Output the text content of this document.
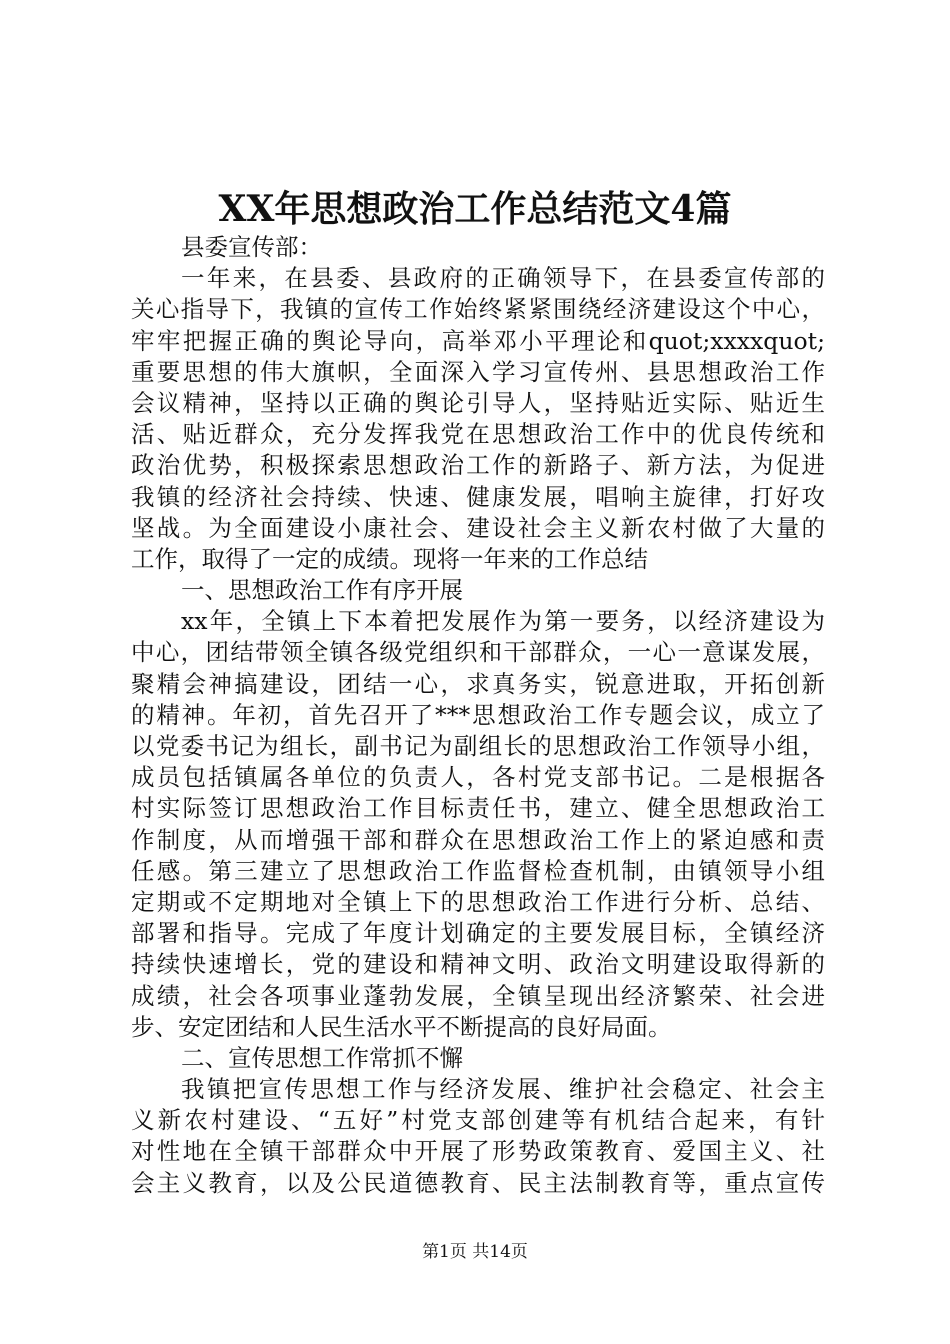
XX年思想政治工作总结范文4篇
县委宣传部：
一年来，在县委、县政府的正确领导下，在县委宣传部的
关心指导下，我镇的宣传工作始终紧紧围绕经济建设这个中心，
牢牢把握正确的舆论导向，高举邓小平理论和quot;xxxxquot;
重要思想的伟大旗帜，全面深入学习宣传州、县思想政治工作
会议精神，坚持以正确的舆论引导人，坚持贴近实际、贴近生
活、贴近群众，充分发挥我党在思想政治工作中的优良传统和
政治优势，积极探索思想政治工作的新路子、新方法，为促进
我镇的经济社会持续、快速、健康发展，唱响主旋律，打好攻
坚战。为全面建设小康社会、建设社会主义新农村做了大量的
工作，取得了一定的成绩。现将一年来的工作总结
一、思想政治工作有序开展
xx年，全镇上下本着把发展作为第一要务，以经济建设为
中心，团结带领全镇各级党组织和干部群众，一心一意谋发展，
聚精会神搞建设，团结一心，求真务实，锐意进取，开拓创新
的精神。年初，首先召开了***思想政治工作专题会议，成立了
以党委书记为组长，副书记为副组长的思想政治工作领导小组，
成员包括镇属各单位的负责人，各村党支部书记。二是根据各
村实际签订思想政治工作目标责任书，建立、健全思想政治工
作制度，从而增强干部和群众在思想政治工作上的紧迫感和责
任感。第三建立了思想政治工作监督检查机制，由镇领导小组
定期或不定期地对全镇上下的思想政治工作进行分析、总结、
部署和指导。完成了年度计划确定的主要发展目标，全镇经济
持续快速增长，党的建设和精神文明、政治文明建设取得新的
成绩，社会各项事业蓬勃发展，全镇呈现出经济繁荣、社会进
步、安定团结和人民生活水平不断提高的良好局面。
二、宣传思想工作常抓不懈
我镇把宣传思想工作与经济发展、维护社会稳定、社会主
义新农村建设、“五好”村党支部创建等有机结合起来，有针
对性地在全镇干部群众中开展了形势政策教育、爱国主义、社
会主义教育，以及公民道德教育、民主法制教育等，重点宣传
第1页 共14页
